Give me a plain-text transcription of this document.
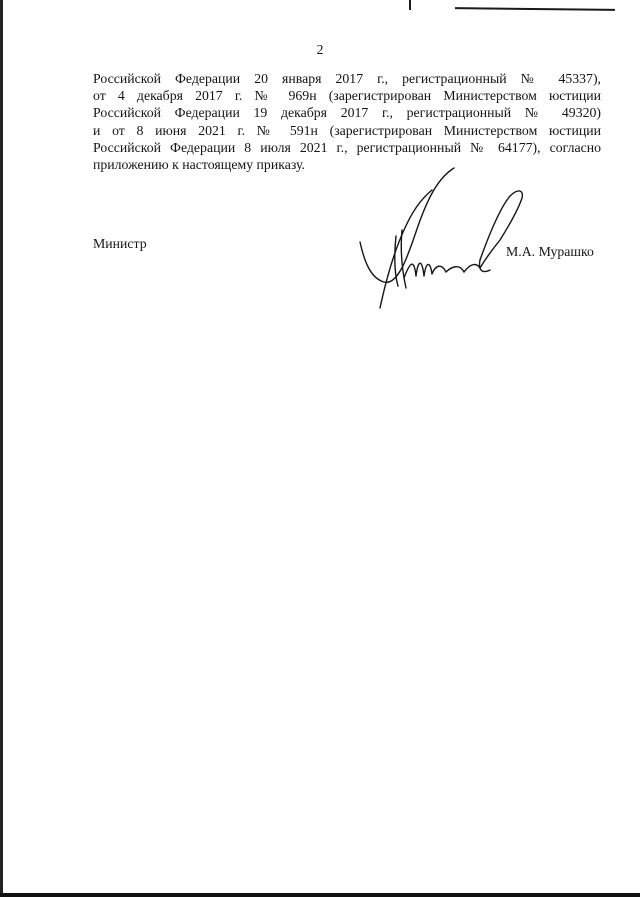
2

Российской Федерации 20 января 2017 г., регистрационный № 45337),
от 4 декабря 2017 г. № 969н (зарегистрирован Министерством юстиции
Российской Федерации 19 декабря 2017 г., регистрационный № 49320)
и от 8 июня 2021 г. № 591н (зарегистрирован Министерством юстиции
Российской Федерации 8 июля 2021 г., регистрационный № 64177), согласно
приложению к настоящему приказу.

Министр
М.А. Мурашко
